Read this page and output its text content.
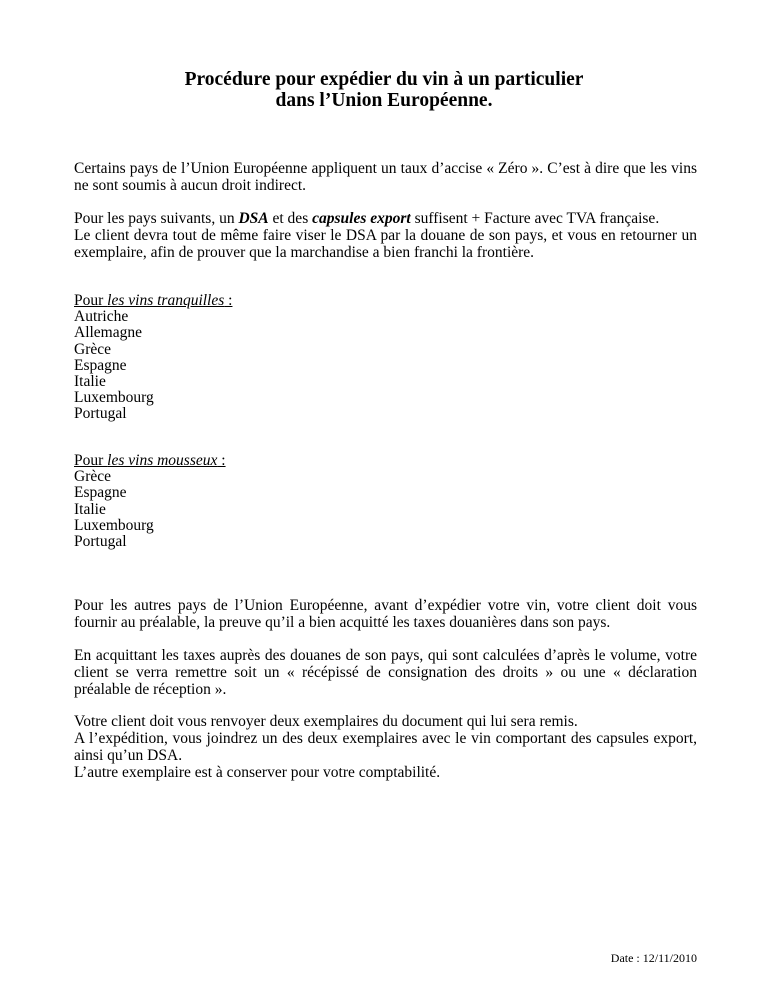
Procédure pour expédier du vin à un particulier
dans l’Union Européenne.

Certains pays de l’Union Européenne appliquent un taux d’accise « Zéro ». C’est à dire que les vins ne sont soumis à aucun droit indirect.

Pour les pays suivants, un DSA et des capsules export suffisent + Facture avec TVA française.

Le client devra tout de même faire viser le DSA par la douane de son pays, et vous en retourner un exemplaire, afin de prouver que la marchandise a bien franchi la frontière.

Pour les vins tranquilles :
Autriche
Allemagne
Grèce
Espagne
Italie
Luxembourg
Portugal
Pour les vins mousseux :
Grèce
Espagne
Italie
Luxembourg
Portugal

Pour les autres pays de l’Union Européenne, avant d’expédier votre vin, votre client doit vous fournir au préalable, la preuve qu’il a bien acquitté les taxes douanières dans son pays.

En acquittant les taxes auprès des douanes de son pays, qui sont calculées d’après le volume, votre client se verra remettre soit un « récépissé de consignation des droits » ou une « déclaration préalable de réception ».

Votre client doit vous renvoyer deux exemplaires du document qui lui sera remis.

A l’expédition, vous joindrez un des deux exemplaires avec le vin comportant des capsules export, ainsi qu’un DSA.

L’autre exemplaire est à conserver pour votre comptabilité.

Date : 12/11/2010
